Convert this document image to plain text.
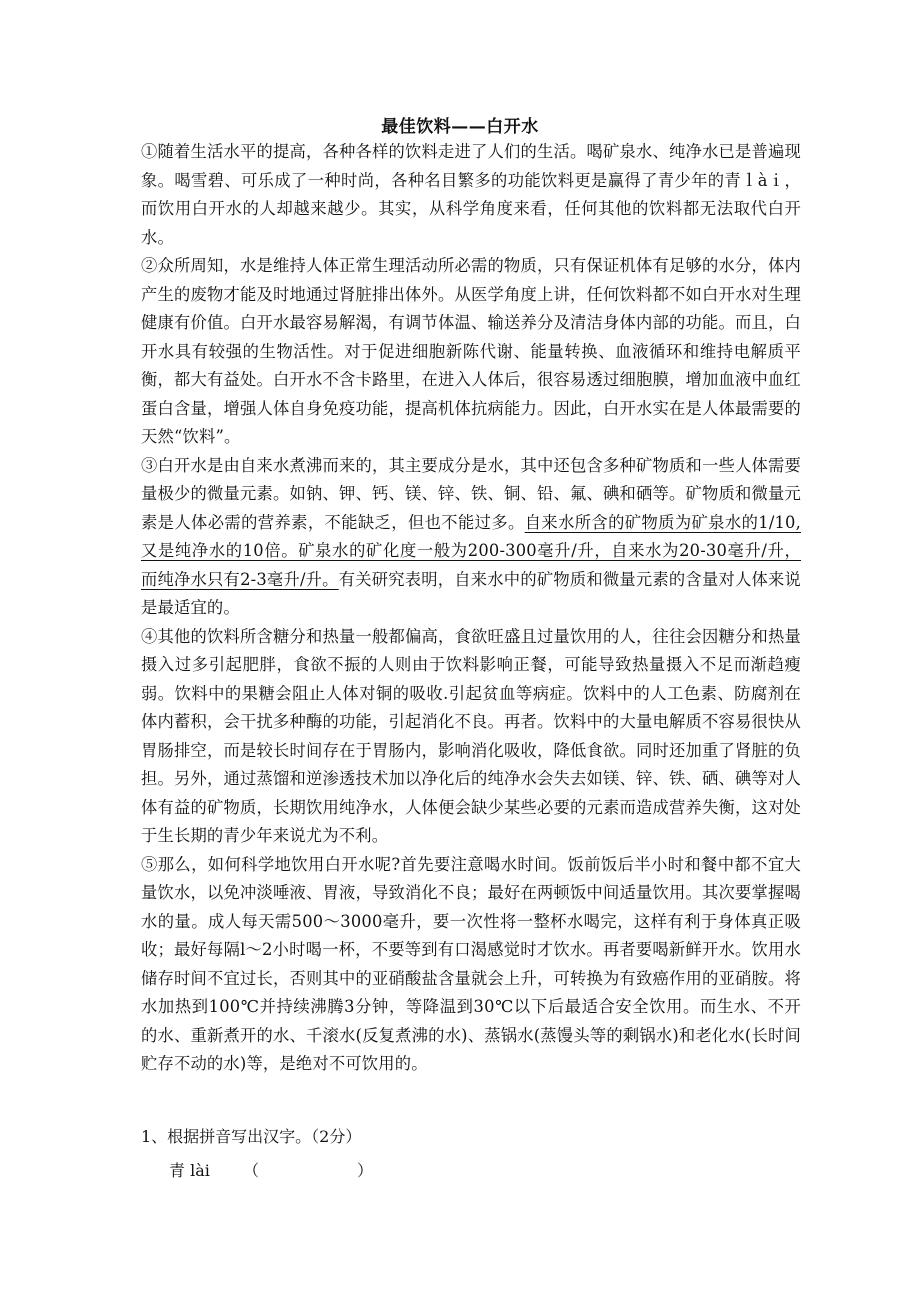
最佳饮料——白开水

①随着生活水平的提高，各种各样的饮料走进了人们的生活。喝矿泉水、纯净水已是普遍现象。喝雪碧、可乐成了一种时尚，各种名目繁多的功能饮料更是赢得了青少年的青ｌàｉ，而饮用白开水的人却越来越少。其实，从科学角度来看，任何其他的饮料都无法取代白开水。

②众所周知，水是维持人体正常生理活动所必需的物质，只有保证机体有足够的水分，体内产生的废物才能及时地通过肾脏排出体外。从医学角度上讲，任何饮料都不如白开水对生理健康有价值。白开水最容易解渴，有调节体温、输送养分及清洁身体内部的功能。而且，白开水具有较强的生物活性。对于促进细胞新陈代谢、能量转换、血液循环和维持电解质平衡，都大有益处。白开水不含卡路里，在进入人体后，很容易透过细胞膜，增加血液中血红蛋白含量，增强人体自身免疫功能，提高机体抗病能力。因此，白开水实在是人体最需要的天然“饮料”。

③白开水是由自来水煮沸而来的，其主要成分是水，其中还包含多种矿物质和一些人体需要量极少的微量元素。如钠、钾、钙、镁、锌、铁、铜、铅、氟、碘和硒等。矿物质和微量元素是人体必需的营养素，不能缺乏，但也不能过多。自来水所含的矿物质为矿泉水的1/10,又是纯净水的10倍。矿泉水的矿化度一般为200-300毫升/升，自来水为20-30毫升/升，而纯净水只有2-3毫升/升。有关研究表明，自来水中的矿物质和微量元素的含量对人体来说是最适宜的。

④其他的饮料所含糖分和热量一般都偏高，食欲旺盛且过量饮用的人，往往会因糖分和热量摄入过多引起肥胖，食欲不振的人则由于饮料影响正餐，可能导致热量摄入不足而渐趋瘦弱。饮料中的果糖会阻止人体对铜的吸收.引起贫血等病症。饮料中的人工色素、防腐剂在体内蓄积，会干扰多种酶的功能，引起消化不良。再者。饮料中的大量电解质不容易很快从胃肠排空，而是较长时间存在于胃肠内，影响消化吸收，降低食欲。同时还加重了肾脏的负担。另外，通过蒸馏和逆渗透技术加以净化后的纯净水会失去如镁、锌、铁、硒、碘等对人体有益的矿物质，长期饮用纯净水，人体便会缺少某些必要的元素而造成营养失衡，这对处于生长期的青少年来说尤为不利。

⑤那么，如何科学地饮用白开水呢?首先要注意喝水时间。饭前饭后半小时和餐中都不宜大量饮水，以免冲淡唾液、胃液，导致消化不良；最好在两顿饭中间适量饮用。其次要掌握喝水的量。成人每天需500～3000毫升，要一次性将一整杯水喝完，这样有利于身体真正吸收；最好每隔l～2小时喝一杯，不要等到有口渴感觉时才饮水。再者要喝新鲜开水。饮用水储存时间不宜过长，否则其中的亚硝酸盐含量就会上升，可转换为有致癌作用的亚硝胺。将水加热到100℃并持续沸腾3分钟，等降温到30℃以下后最适合安全饮用。而生水、不开的水、重新煮开的水、千滚水(反复煮沸的水)、蒸锅水(蒸馒头等的剩锅水)和老化水(长时间贮存不动的水)等，是绝对不可饮用的。

1、根据拼音写出汉字。（2分）
青 lài （	）
